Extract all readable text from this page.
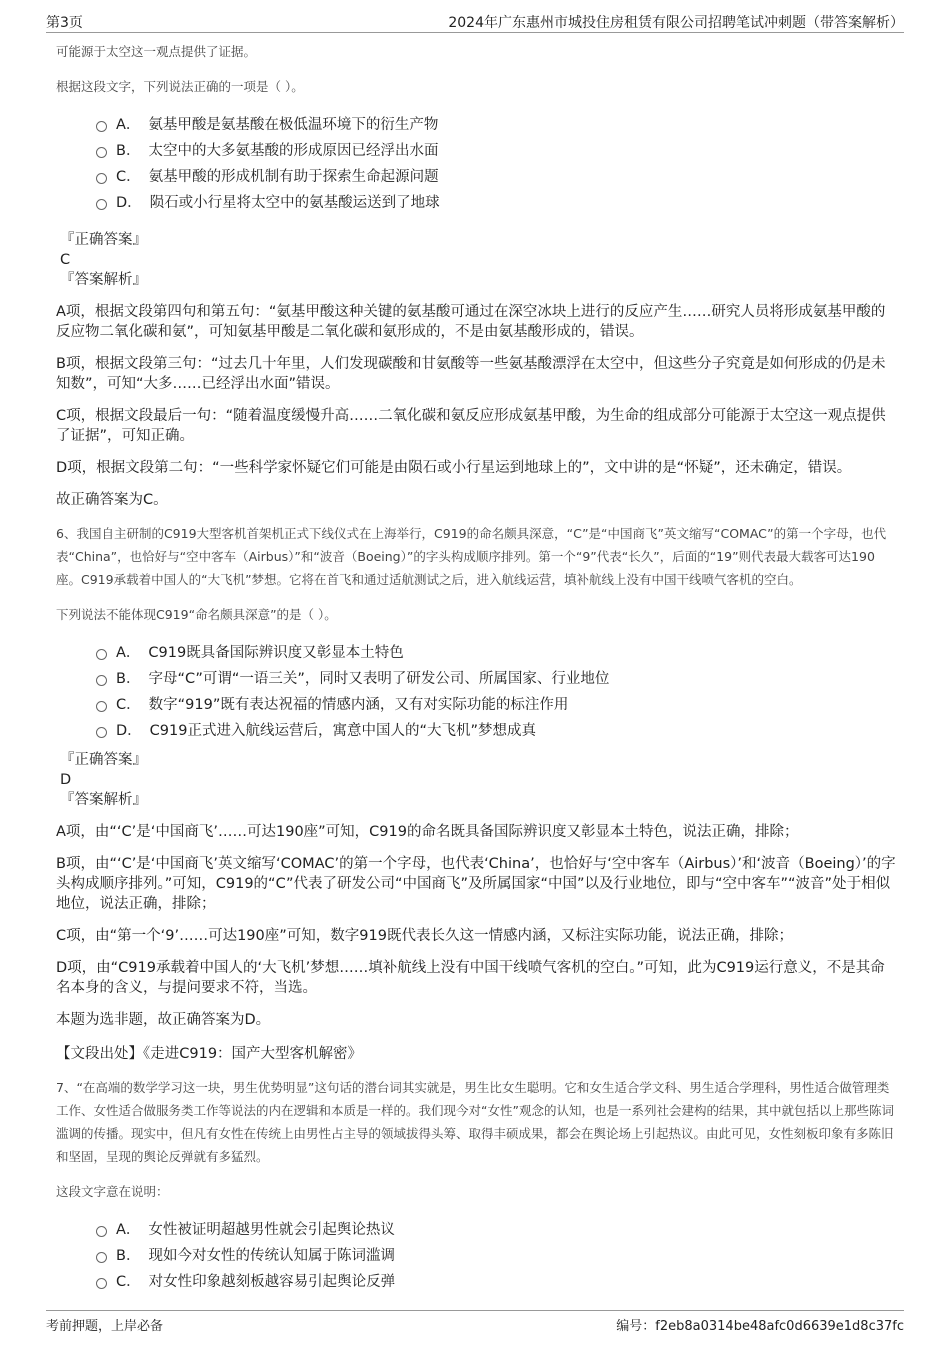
第3页	2024年广东惠州市城投住房租赁有限公司招聘笔试冲刺题（带答案解析）

可能源于太空这一观点提供了证据。

根据这段文字，下列说法正确的一项是（ ）。

A． 氨基甲酸是氨基酸在极低温环境下的衍生产物
B． 太空中的大多氨基酸的形成原因已经浮出水面
C． 氨基甲酸的形成机制有助于探索生命起源问题
D． 陨石或小行星将太空中的氨基酸运送到了地球
『正确答案』
C
『答案解析』

A项，根据文段第四句和第五句：“氨基甲酸这种关键的氨基酸可通过在深空冰块上进行的反应产生……研究人员将形成氨基甲酸的反应物二氧化碳和氨”，可知氨基甲酸是二氧化碳和氨形成的，不是由氨基酸形成的，错误。

B项，根据文段第三句：“过去几十年里，人们发现碳酸和甘氨酸等一些氨基酸漂浮在太空中，但这些分子究竟是如何形成的仍是未知数”，可知“大多……已经浮出水面”错误。

C项，根据文段最后一句：“随着温度缓慢升高……二氧化碳和氨反应形成氨基甲酸，为生命的组成部分可能源于太空这一观点提供了证据”，可知正确。

D项，根据文段第二句：“一些科学家怀疑它们可能是由陨石或小行星运到地球上的”，文中讲的是“怀疑”，还未确定，错误。

故正确答案为C。

6、我国自主研制的C919大型客机首架机正式下线仪式在上海举行，C919的命名颇具深意，“C”是“中国商飞”英文缩写“COMAC”的第一个字母，也代表“China”，也恰好与“空中客车（Airbus）”和“波音（Boeing）”的字头构成顺序排列。第一个“9”代表“长久”，后面的“19”则代表最大载客可达190座。C919承载着中国人的“大飞机”梦想。它将在首飞和通过适航测试之后，进入航线运营，填补航线上没有中国干线喷气客机的空白。

下列说法不能体现C919“命名颇具深意”的是（ ）。

A． C919既具备国际辨识度又彰显本土特色
B． 字母“C”可谓“一语三关”，同时又表明了研发公司、所属国家、行业地位
C． 数字“919”既有表达祝福的情感内涵，又有对实际功能的标注作用
D． C919正式进入航线运营后，寓意中国人的“大飞机”梦想成真
『正确答案』
D
『答案解析』

A项，由“‘C’是‘中国商飞’……可达190座”可知，C919的命名既具备国际辨识度又彰显本土特色，说法正确，排除；

B项，由“‘C’是‘中国商飞’英文缩写‘COMAC’的第一个字母，也代表‘China’，也恰好与‘空中客车（Airbus）’和‘波音（Boeing）’的字头构成顺序排列。”可知，C919的“C”代表了研发公司“中国商飞”及所属国家“中国”以及行业地位，即与“空中客车”“波音”处于相似地位，说法正确，排除；

C项，由“第一个‘9’……可达190座”可知，数字919既代表长久这一情感内涵，又标注实际功能，说法正确，排除；

D项，由“C919承载着中国人的‘大飞机’梦想……填补航线上没有中国干线喷气客机的空白。”可知，此为C919运行意义，不是其命名本身的含义，与提问要求不符，当选。

本题为选非题，故正确答案为D。

【文段出处】《走进C919：国产大型客机解密》

7、“在高端的数学学习这一块，男生优势明显”这句话的潜台词其实就是，男生比女生聪明。它和女生适合学文科、男生适合学理科，男性适合做管理类工作、女性适合做服务类工作等说法的内在逻辑和本质是一样的。我们现今对“女性”观念的认知，也是一系列社会建构的结果，其中就包括以上那些陈词滥调的传播。现实中，但凡有女性在传统上由男性占主导的领域拔得头筹、取得丰硕成果，都会在舆论场上引起热议。由此可见，女性刻板印象有多陈旧和坚固，呈现的舆论反弹就有多猛烈。

这段文字意在说明：

A． 女性被证明超越男性就会引起舆论热议
B． 现如今对女性的传统认知属于陈词滥调
C． 对女性印象越刻板越容易引起舆论反弹
考前押题，上岸必备	编号：f2eb8a0314be48afc0d6639e1d8c37fc
